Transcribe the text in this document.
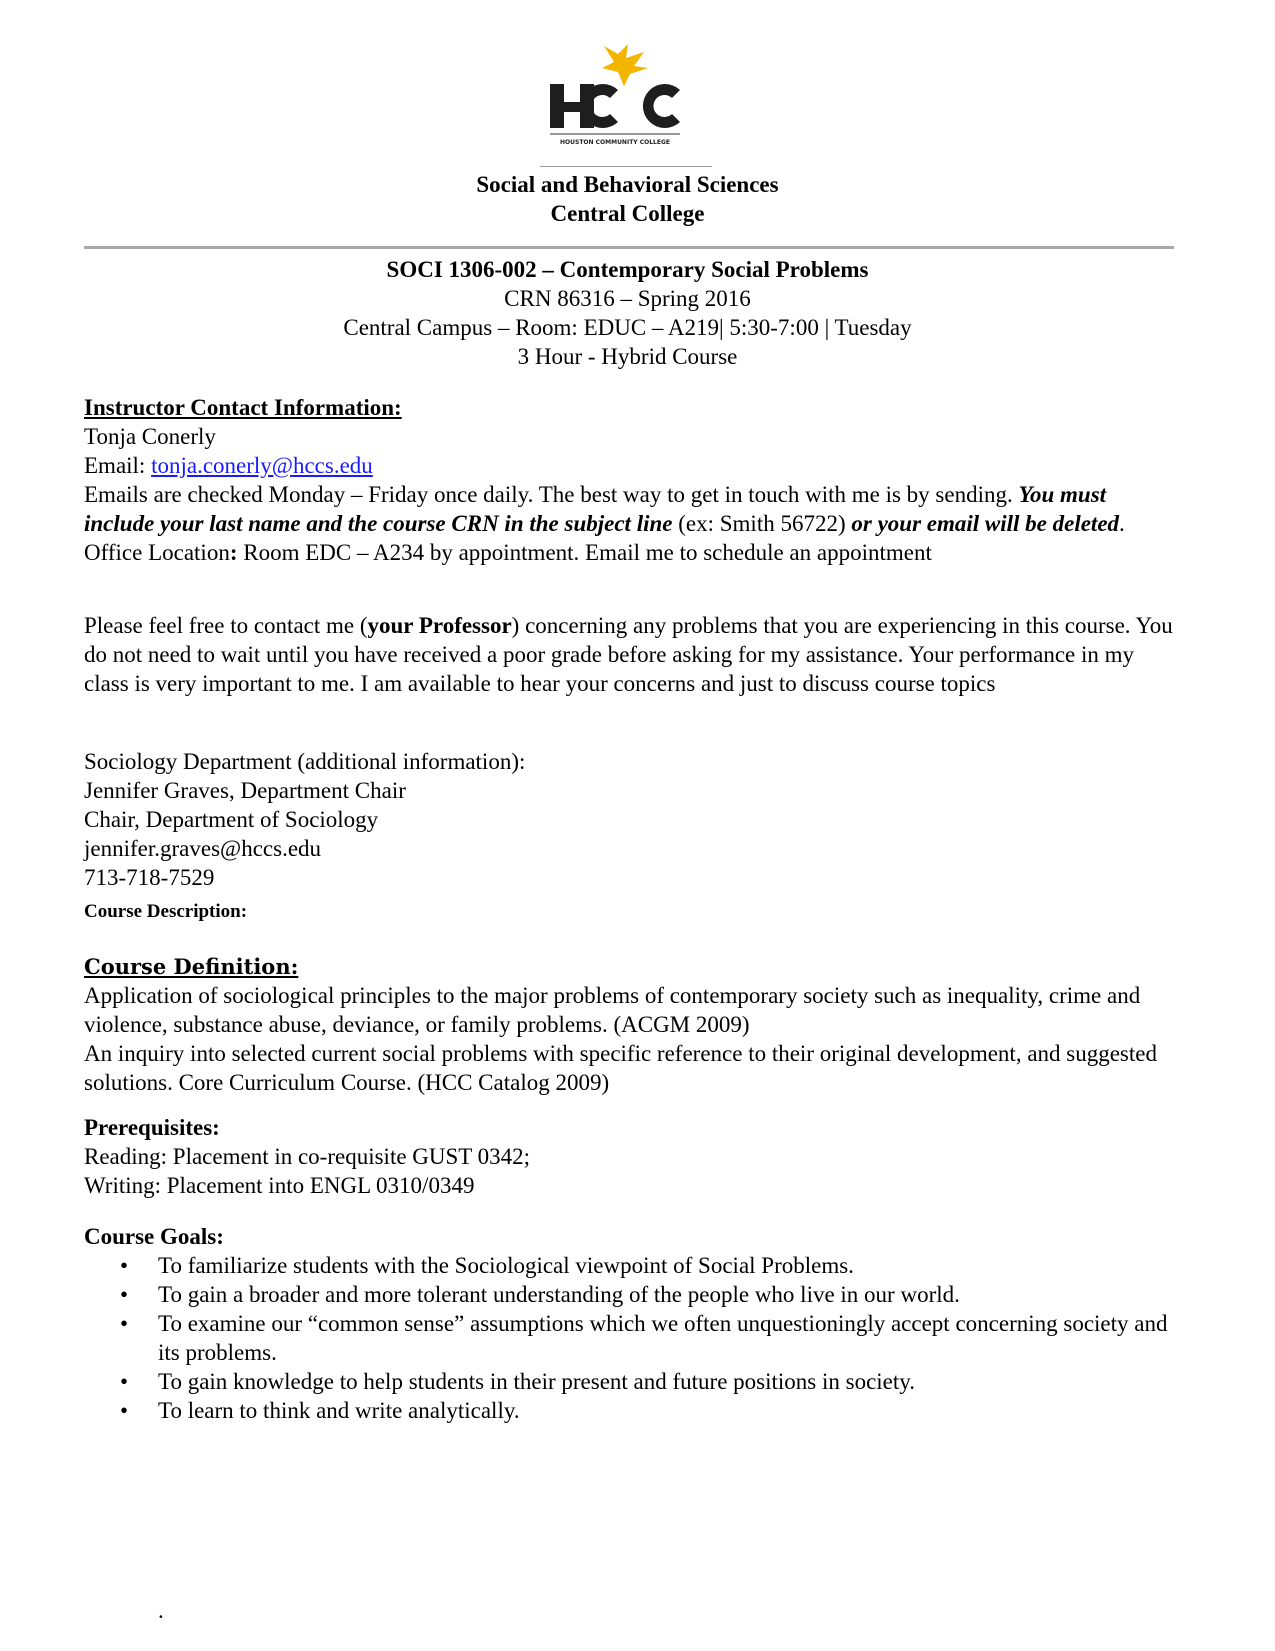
HOUSTON COMMUNITY COLLEGE
Social and Behavioral Sciences
Central College
SOCI 1306-002 – Contemporary Social Problems
CRN 86316 – Spring 2016
Central Campus – Room: EDUC – A219| 5:30-7:00 | Tuesday
3 Hour - Hybrid Course
Instructor Contact Information:
Tonja Conerly
Email: tonja.conerly@hccs.edu
Emails are checked Monday – Friday once daily. The best way to get in touch with me is by sending. You must include your last name and the course CRN in the subject line (ex: Smith 56722) or your email will be deleted.
Office Location: Room EDC – A234 by appointment. Email me to schedule an appointment
Please feel free to contact me (your Professor) concerning any problems that you are experiencing in this course. You do not need to wait until you have received a poor grade before asking for my assistance. Your performance in my class is very important to me. I am available to hear your concerns and just to discuss course topics
Sociology Department (additional information):
Jennifer Graves, Department Chair
Chair, Department of Sociology
jennifer.graves@hccs.edu
713-718-7529
Course Description:
Course Definition:
Application of sociological principles to the major problems of contemporary society such as inequality, crime and violence, substance abuse, deviance, or family problems. (ACGM 2009)
An inquiry into selected current social problems with specific reference to their original development, and suggested solutions. Core Curriculum Course. (HCC Catalog 2009)
Prerequisites:
Reading: Placement in co-requisite GUST 0342;
Writing: Placement into ENGL 0310/0349
Course Goals:
• To familiarize students with the Sociological viewpoint of Social Problems.
• To gain a broader and more tolerant understanding of the people who live in our world.
• To examine our “common sense” assumptions which we often unquestioningly accept concerning society and its problems.
• To gain knowledge to help students in their present and future positions in society.
• To learn to think and write analytically.
.
